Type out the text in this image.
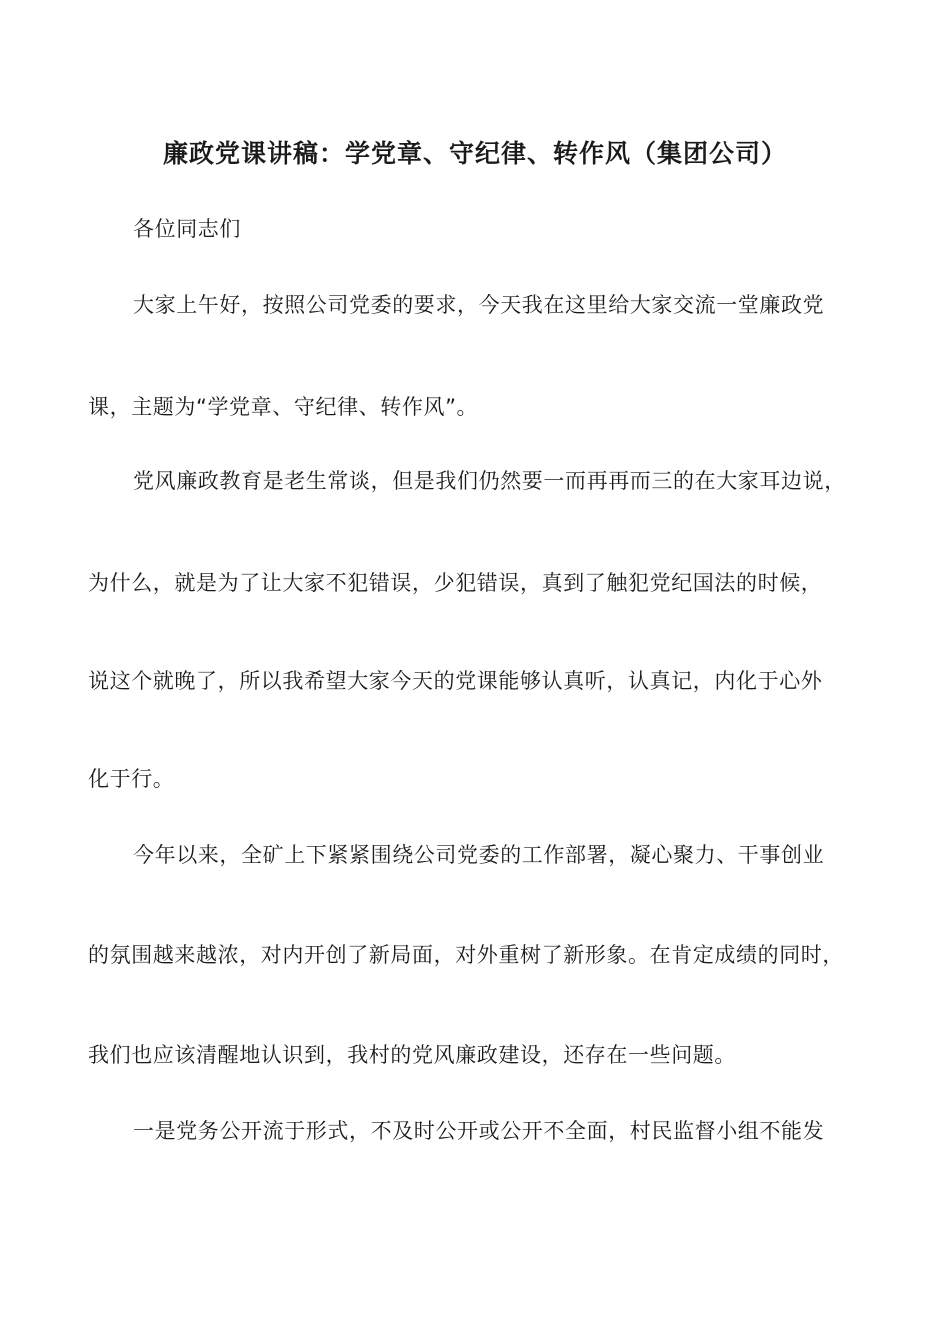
廉政党课讲稿：学党章、守纪律、转作风（集团公司）
各位同志们
大家上午好，按照公司党委的要求，今天我在这里给大家交流一堂廉政党
课，主题为“学党章、守纪律、转作风”。
党风廉政教育是老生常谈，但是我们仍然要一而再再而三的在大家耳边说，
为什么，就是为了让大家不犯错误，少犯错误，真到了触犯党纪国法的时候，
说这个就晚了，所以我希望大家今天的党课能够认真听，认真记，内化于心外
化于行。
今年以来，全矿上下紧紧围绕公司党委的工作部署，凝心聚力、干事创业
的氛围越来越浓，对内开创了新局面，对外重树了新形象。在肯定成绩的同时，
我们也应该清醒地认识到，我村的党风廉政建设，还存在一些问题。
一是党务公开流于形式，不及时公开或公开不全面，村民监督小组不能发
